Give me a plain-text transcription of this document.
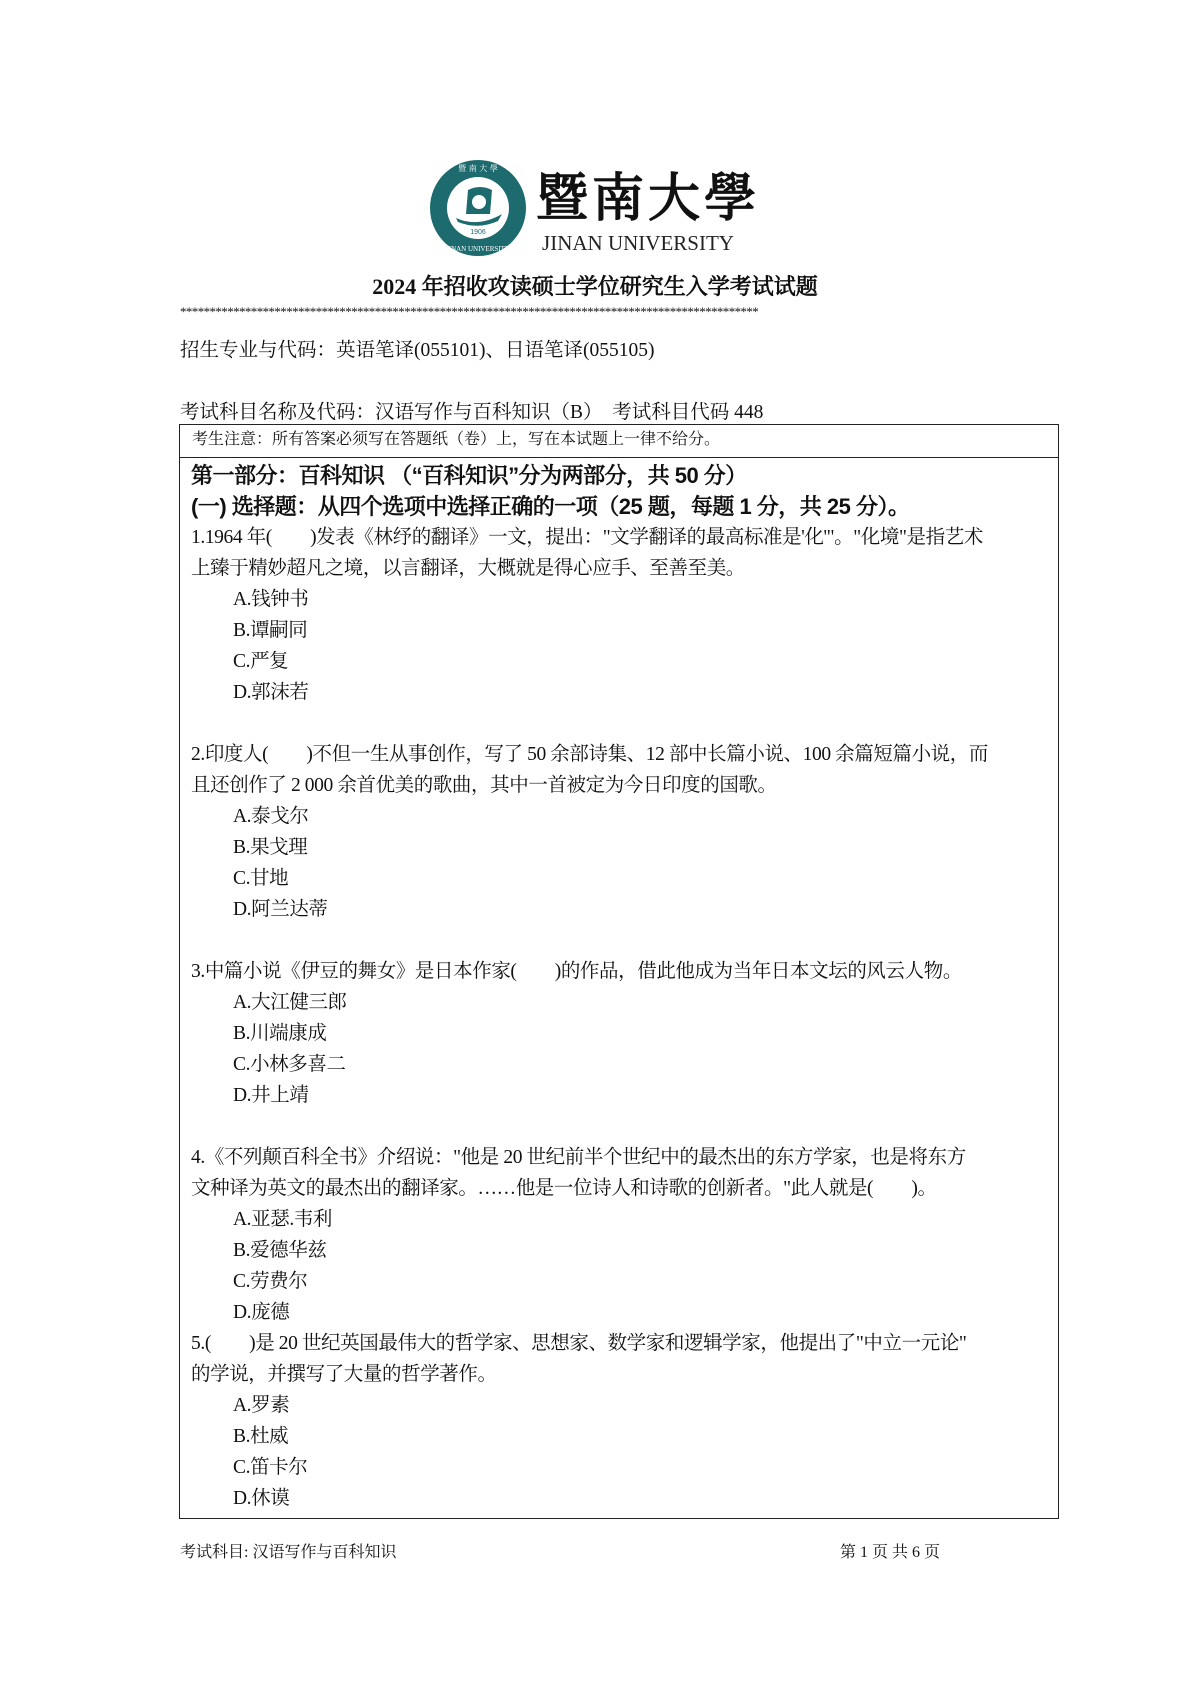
1906
暨 南 大 學
JINAN UNIVERSITY
暨南大學
JINAN UNIVERSITY
2024 年招收攻读硕士学位研究生入学考试试题
**************************************************************************************************
招生专业与代码：英语笔译(055101)、日语笔译(055105)
考试科目名称及代码：汉语写作与百科知识（B）　考试科目代码 448
考生注意：所有答案必须写在答题纸（卷）上，写在本试题上一律不给分。
第一部分：百科知识 （“百科知识”分为两部分，共 50 分）
(一) 选择题：从四个选项中选择正确的一项（25 题，每题 1 分，共 25 分）。
1.1964 年(　　)发表《林纾的翻译》一文，提出："文学翻译的最高标准是'化'"。"化境"是指艺术
上臻于精妙超凡之境，以言翻译，大概就是得心应手、至善至美。
A.钱钟书
B.谭嗣同
C.严复
D.郭沫若
2.印度人(　　)不但一生从事创作，写了 50 余部诗集、12 部中长篇小说、100 余篇短篇小说，而
且还创作了 2 000 余首优美的歌曲，其中一首被定为今日印度的国歌。
A.泰戈尔
B.果戈理
C.甘地
D.阿兰达蒂
3.中篇小说《伊豆的舞女》是日本作家(　　)的作品，借此他成为当年日本文坛的风云人物。
A.大江健三郎
B.川端康成
C.小林多喜二
D.井上靖
4.《不列颠百科全书》介绍说："他是 20 世纪前半个世纪中的最杰出的东方学家，也是将东方
文种译为英文的最杰出的翻译家。……他是一位诗人和诗歌的创新者。"此人就是(　　)。
A.亚瑟.韦利
B.爱德华兹
C.劳费尔
D.庞德
5.(　　)是 20 世纪英国最伟大的哲学家、思想家、数学家和逻辑学家，他提出了"中立一元论"
的学说，并撰写了大量的哲学著作。
A.罗素
B.杜威
C.笛卡尔
D.休谟
考试科目: 汉语写作与百科知识	第 1 页 共 6 页
